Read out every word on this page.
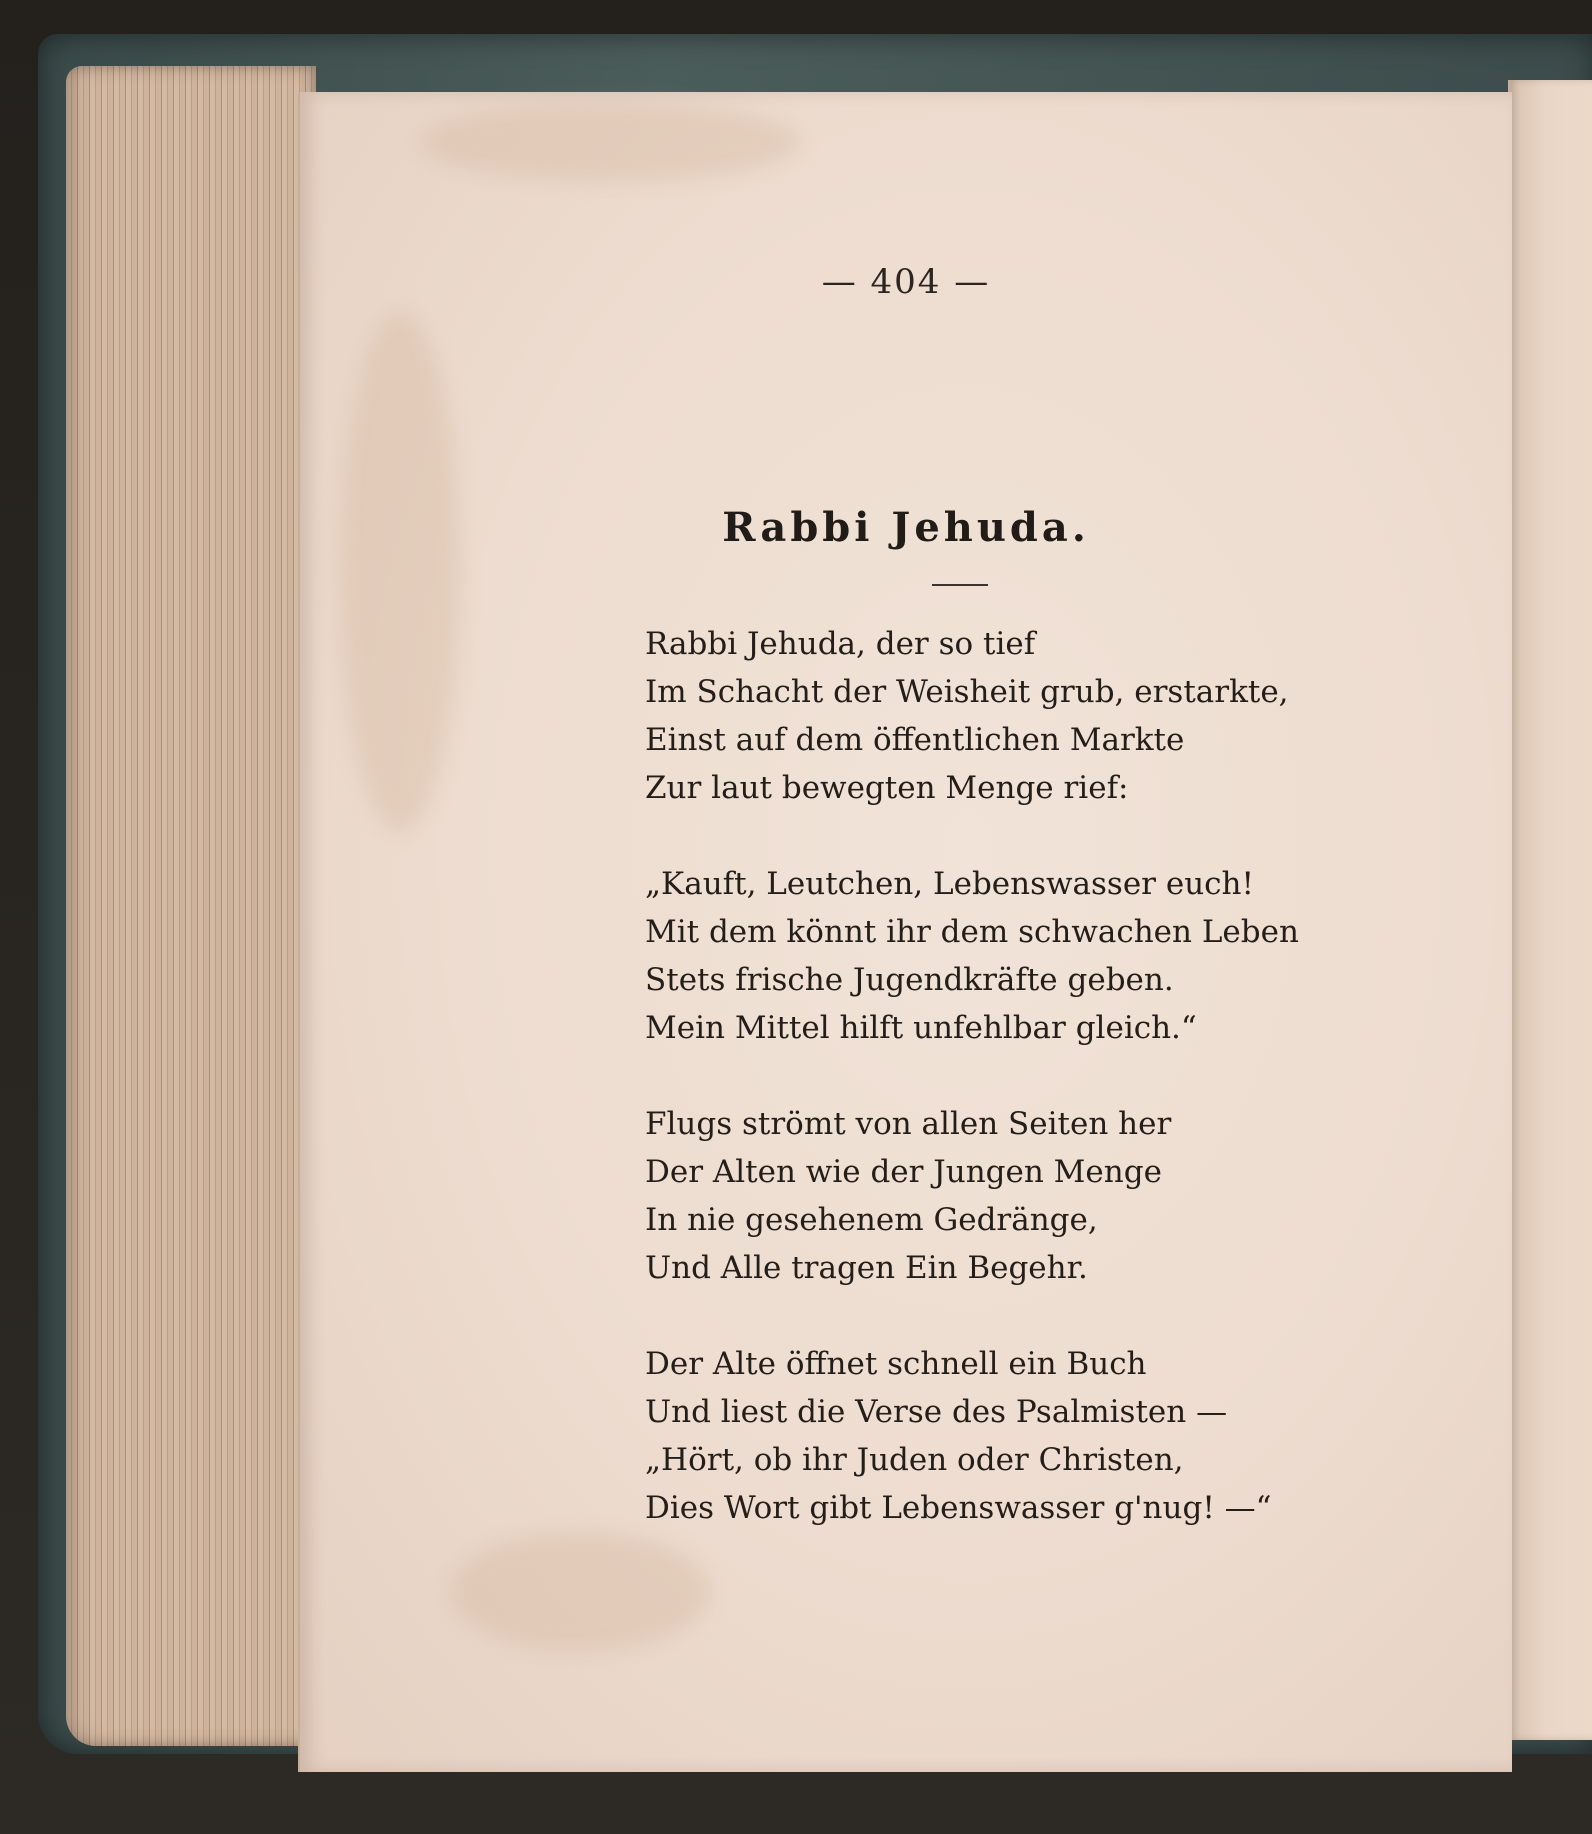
— 404 —
Rabbi Jehuda.
Rabbi Jehuda, der so tief
Im Schacht der Weisheit grub, erstarkte,
Einst auf dem öffentlichen Markte
Zur laut bewegten Menge rief:
„Kauft, Leutchen, Lebenswasser euch!
Mit dem könnt ihr dem schwachen Leben
Stets frische Jugendkräfte geben.
Mein Mittel hilft unfehlbar gleich.“
Flugs strömt von allen Seiten her
Der Alten wie der Jungen Menge
In nie gesehenem Gedränge,
Und Alle tragen Ein Begehr.
Der Alte öffnet schnell ein Buch
Und liest die Verse des Psalmisten —
„Hört, ob ihr Juden oder Christen,
Dies Wort gibt Lebenswasser g'nug! —“
